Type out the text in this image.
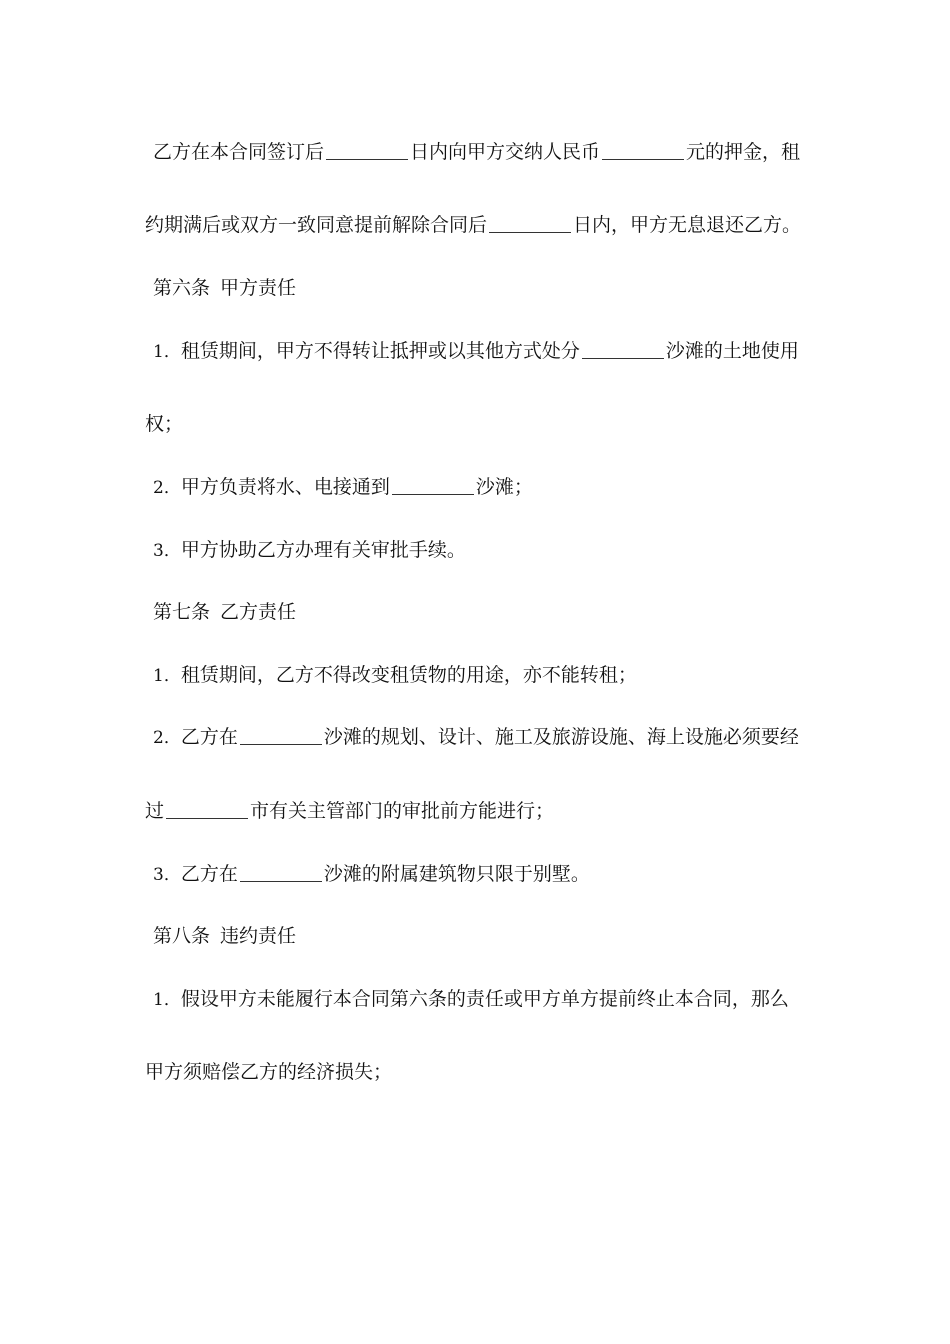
乙方在本合同签订后	日内向甲方交纳人民币	元的押金，租
约期满后或双方一致同意提前解除合同后	日内，甲方无息退还乙方。
第六条 甲方责任
1．租赁期间，甲方不得转让抵押或以其他方式处分	沙滩的土地使用
权；
2．甲方负责将水、电接通到	沙滩；
3．甲方协助乙方办理有关审批手续。
第七条 乙方责任
1．租赁期间，乙方不得改变租赁物的用途，亦不能转租；
2．乙方在	沙滩的规划、设计、施工及旅游设施、海上设施必须要经
过	市有关主管部门的审批前方能进行；
3．乙方在	沙滩的附属建筑物只限于别墅。
第八条 违约责任
1．假设甲方未能履行本合同第六条的责任或甲方单方提前终止本合同，那么
甲方须赔偿乙方的经济损失；
